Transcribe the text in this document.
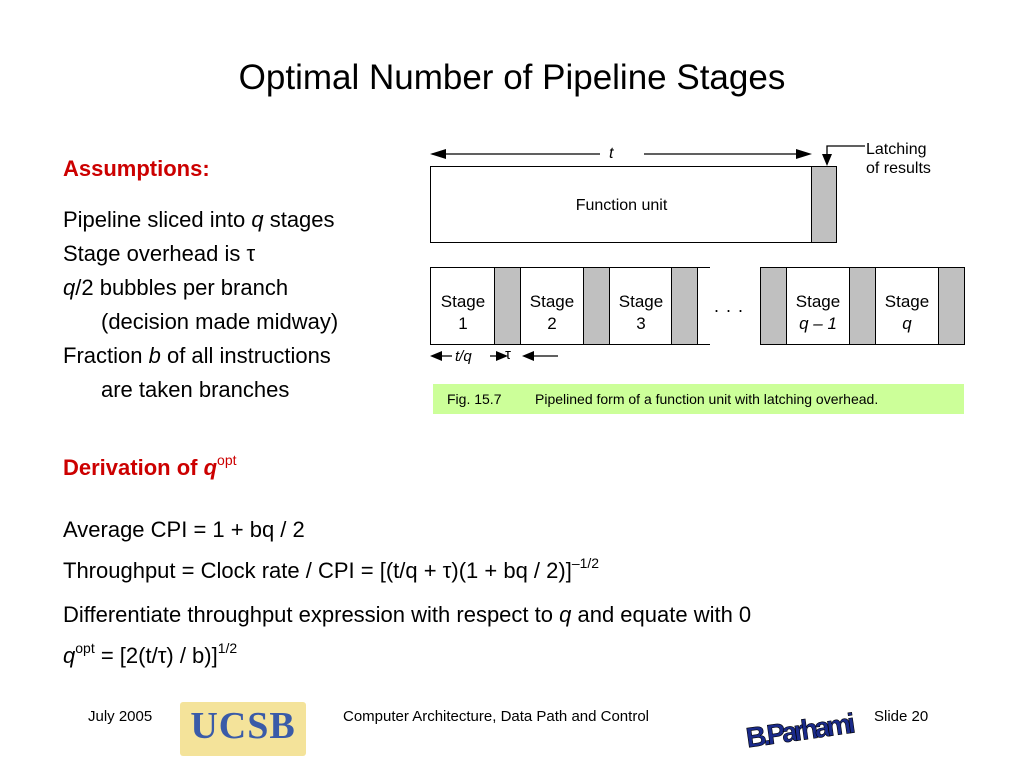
Optimal Number of Pipeline Stages
Assumptions:
Pipeline sliced into q stages
Stage overhead is τ
q/2 bubbles per branch
(decision made midway)
Fraction b of all instructions
are taken branches
t	Latching
of results
Function unit
Stage
1
Stage
2
Stage
3
Stage
q – 1
Stage
q
. . .
t/q τ
Fig. 15.7 Pipelined form of a function unit with latching overhead.
Derivation of $q^{opt}$
Average CPI = 1 + bq / 2
Throughput = Clock rate / CPI = [(t/q + τ)(1 + bq / 2)]$^{-1/2}$
Differentiate throughput expression with respect to q and equate with 0
$q^{opt} = [2(t/\tau) / b)]^{1/2}$
July 2005 UCSB	Computer Architecture, Data Path and Control
B.Parhami Slide 20
